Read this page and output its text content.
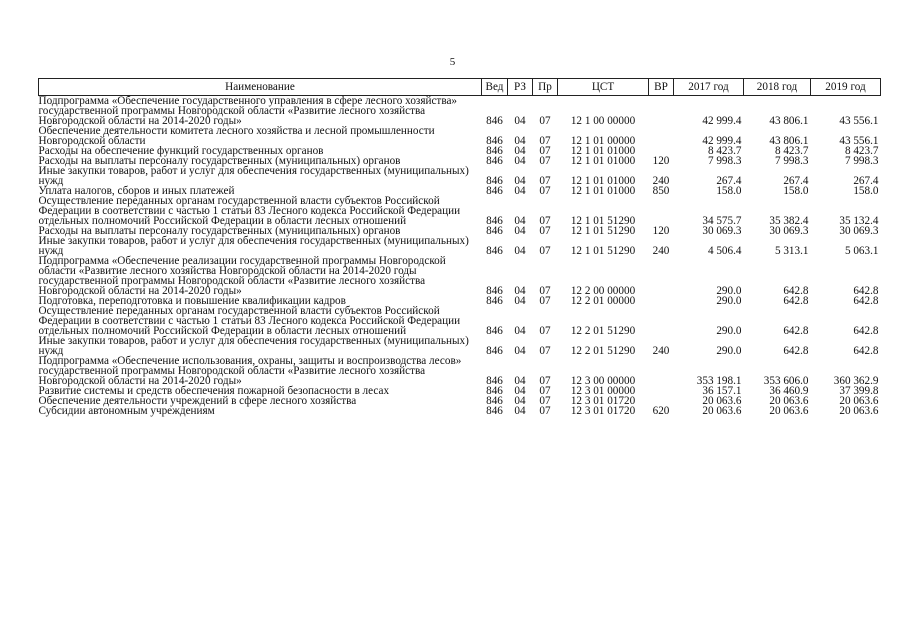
5
Наименование	Вед	РЗ	Пр	ЦСТ	ВР	2017 год	2018 год	2019 год
Подпрограмма «Обеспечение государственного управления в сфере лесного хозяйства» государственной программы Новгородской области «Развитие лесного хозяйства Новгородской области на 2014-2020 годы»	846	04	07	12 1 00 00000		42 999.4	43 806.1	43 556.1
Обеспечение деятельности комитета лесного хозяйства и лесной промышленности Новгородской области	846	04	07	12 1 01 00000		42 999.4	43 806.1	43 556.1
Расходы на обеспечение функций государственных органов	846	04	07	12 1 01 01000		8 423.7	8 423.7	8 423.7
Расходы на выплаты персоналу государственных (муниципальных) органов	846	04	07	12 1 01 01000	120	7 998.3	7 998.3	7 998.3
Иные закупки товаров, работ и услуг для обеспечения государственных (муниципальных) нужд	846	04	07	12 1 01 01000	240	267.4	267.4	267.4
Уплата налогов, сборов и иных платежей	846	04	07	12 1 01 01000	850	158.0	158.0	158.0
Осуществление переданных органам государственной власти субъектов Российской Федерации в соответствии с частью 1 статьи 83 Лесного кодекса Российской Федерации отдельных полномочий Российской Федерации в области лесных отношений	846	04	07	12 1 01 51290		34 575.7	35 382.4	35 132.4
Расходы на выплаты персоналу государственных (муниципальных) органов	846	04	07	12 1 01 51290	120	30 069.3	30 069.3	30 069.3
Иные закупки товаров, работ и услуг для обеспечения государственных (муниципальных) нужд	846	04	07	12 1 01 51290	240	4 506.4	5 313.1	5 063.1
Подпрограмма «Обеспечение реализации государственной программы Новгородской области «Развитие лесного хозяйства Новгородской области на 2014-2020 годы государственной программы Новгородской области «Развитие лесного хозяйства Новгородской области на 2014-2020 годы»	846	04	07	12 2 00 00000		290.0	642.8	642.8
Подготовка, переподготовка и повышение квалификации кадров	846	04	07	12 2 01 00000		290.0	642.8	642.8
Осуществление переданных органам государственной власти субъектов Российской Федерации в соответствии с частью 1 статьи 83 Лесного кодекса Российской Федерации отдельных полномочий Российской Федерации в области лесных отношений	846	04	07	12 2 01 51290		290.0	642.8	642.8
Иные закупки товаров, работ и услуг для обеспечения государственных (муниципальных) нужд	846	04	07	12 2 01 51290	240	290.0	642.8	642.8
Подпрограмма «Обеспечение использования, охраны, защиты и воспроизводства лесов» государственной программы Новгородской области «Развитие лесного хозяйства Новгородской области на 2014-2020 годы»	846	04	07	12 3 00 00000		353 198.1	353 606.0	360 362.9
Развитие системы и средств обеспечения пожарной безопасности в лесах	846	04	07	12 3 01 00000		36 157.1	36 460.9	37 399.8
Обеспечение деятельности учреждений в сфере лесного хозяйства	846	04	07	12 3 01 01720		20 063.6	20 063.6	20 063.6
Субсидии автономным учреждениям	846	04	07	12 3 01 01720	620	20 063.6	20 063.6	20 063.6
